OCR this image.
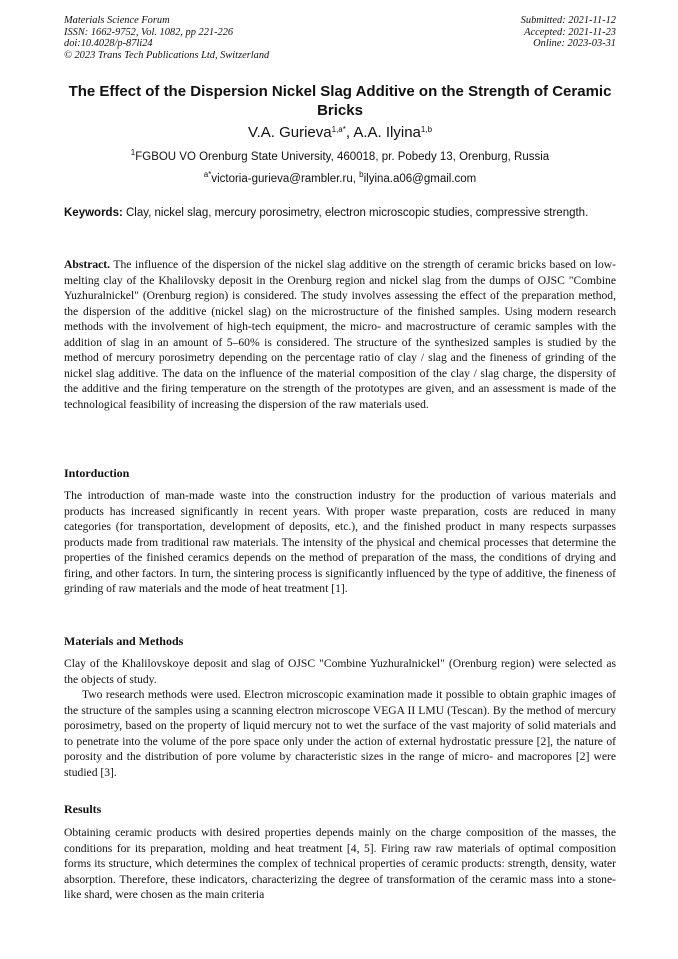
Materials Science Forum
ISSN: 1662-9752, Vol. 1082, pp 221-226
doi:10.4028/p-87li24
© 2023 Trans Tech Publications Ltd, Switzerland
Submitted: 2021-11-12
Accepted: 2021-11-23
Online: 2023-03-31
The Effect of the Dispersion Nickel Slag Additive on the Strength of Ceramic Bricks
V.A. Gurieva$^{1,a*}$, A.A. Ilyina$^{1,b}$
$^1$FGBOU VO Orenburg State University, 460018, pr. Pobedy 13, Orenburg, Russia
$^{a*}$victoria-gurieva@rambler.ru, $^b$ilyina.a06@gmail.com
Keywords: Clay, nickel slag, mercury porosimetry, electron microscopic studies, compressive strength.
Abstract. The influence of the dispersion of the nickel slag additive on the strength of ceramic bricks based on low-melting clay of the Khalilovsky deposit in the Orenburg region and nickel slag from the dumps of OJSC "Combine Yuzhuralnickel" (Orenburg region) is considered. The study involves assessing the effect of the preparation method, the dispersion of the additive (nickel slag) on the microstructure of the finished samples. Using modern research methods with the involvement of high-tech equipment, the micro- and macrostructure of ceramic samples with the addition of slag in an amount of 5–60% is considered. The structure of the synthesized samples is studied by the method of mercury porosimetry depending on the percentage ratio of clay / slag and the fineness of grinding of the nickel slag additive. The data on the influence of the material composition of the clay / slag charge, the dispersity of the additive and the firing temperature on the strength of the prototypes are given, and an assessment is made of the technological feasibility of increasing the dispersion of the raw materials used.
Intorduction
The introduction of man-made waste into the construction industry for the production of various materials and products has increased significantly in recent years. With proper waste preparation, costs are reduced in many categories (for transportation, development of deposits, etc.), and the finished product in many respects surpasses products made from traditional raw materials. The intensity of the physical and chemical processes that determine the properties of the finished ceramics depends on the method of preparation of the mass, the conditions of drying and firing, and other factors. In turn, the sintering process is significantly influenced by the type of additive, the fineness of grinding of raw materials and the mode of heat treatment [1].
Materials and Methods
Clay of the Khalilovskoye deposit and slag of OJSC "Combine Yuzhuralnickel" (Orenburg region) were selected as the objects of study.
Two research methods were used. Electron microscopic examination made it possible to obtain graphic images of the structure of the samples using a scanning electron microscope VEGA II LMU (Tescan). By the method of mercury porosimetry, based on the property of liquid mercury not to wet the surface of the vast majority of solid materials and to penetrate into the volume of the pore space only under the action of external hydrostatic pressure [2], the nature of porosity and the distribution of pore volume by characteristic sizes in the range of micro- and macropores [2] were studied [3].
Results
Obtaining ceramic products with desired properties depends mainly on the charge composition of the masses, the conditions for its preparation, molding and heat treatment [4, 5]. Firing raw raw materials of optimal composition forms its structure, which determines the complex of technical properties of ceramic products: strength, density, water absorption. Therefore, these indicators, characterizing the degree of transformation of the ceramic mass into a stone-like shard, were chosen as the main criteria
